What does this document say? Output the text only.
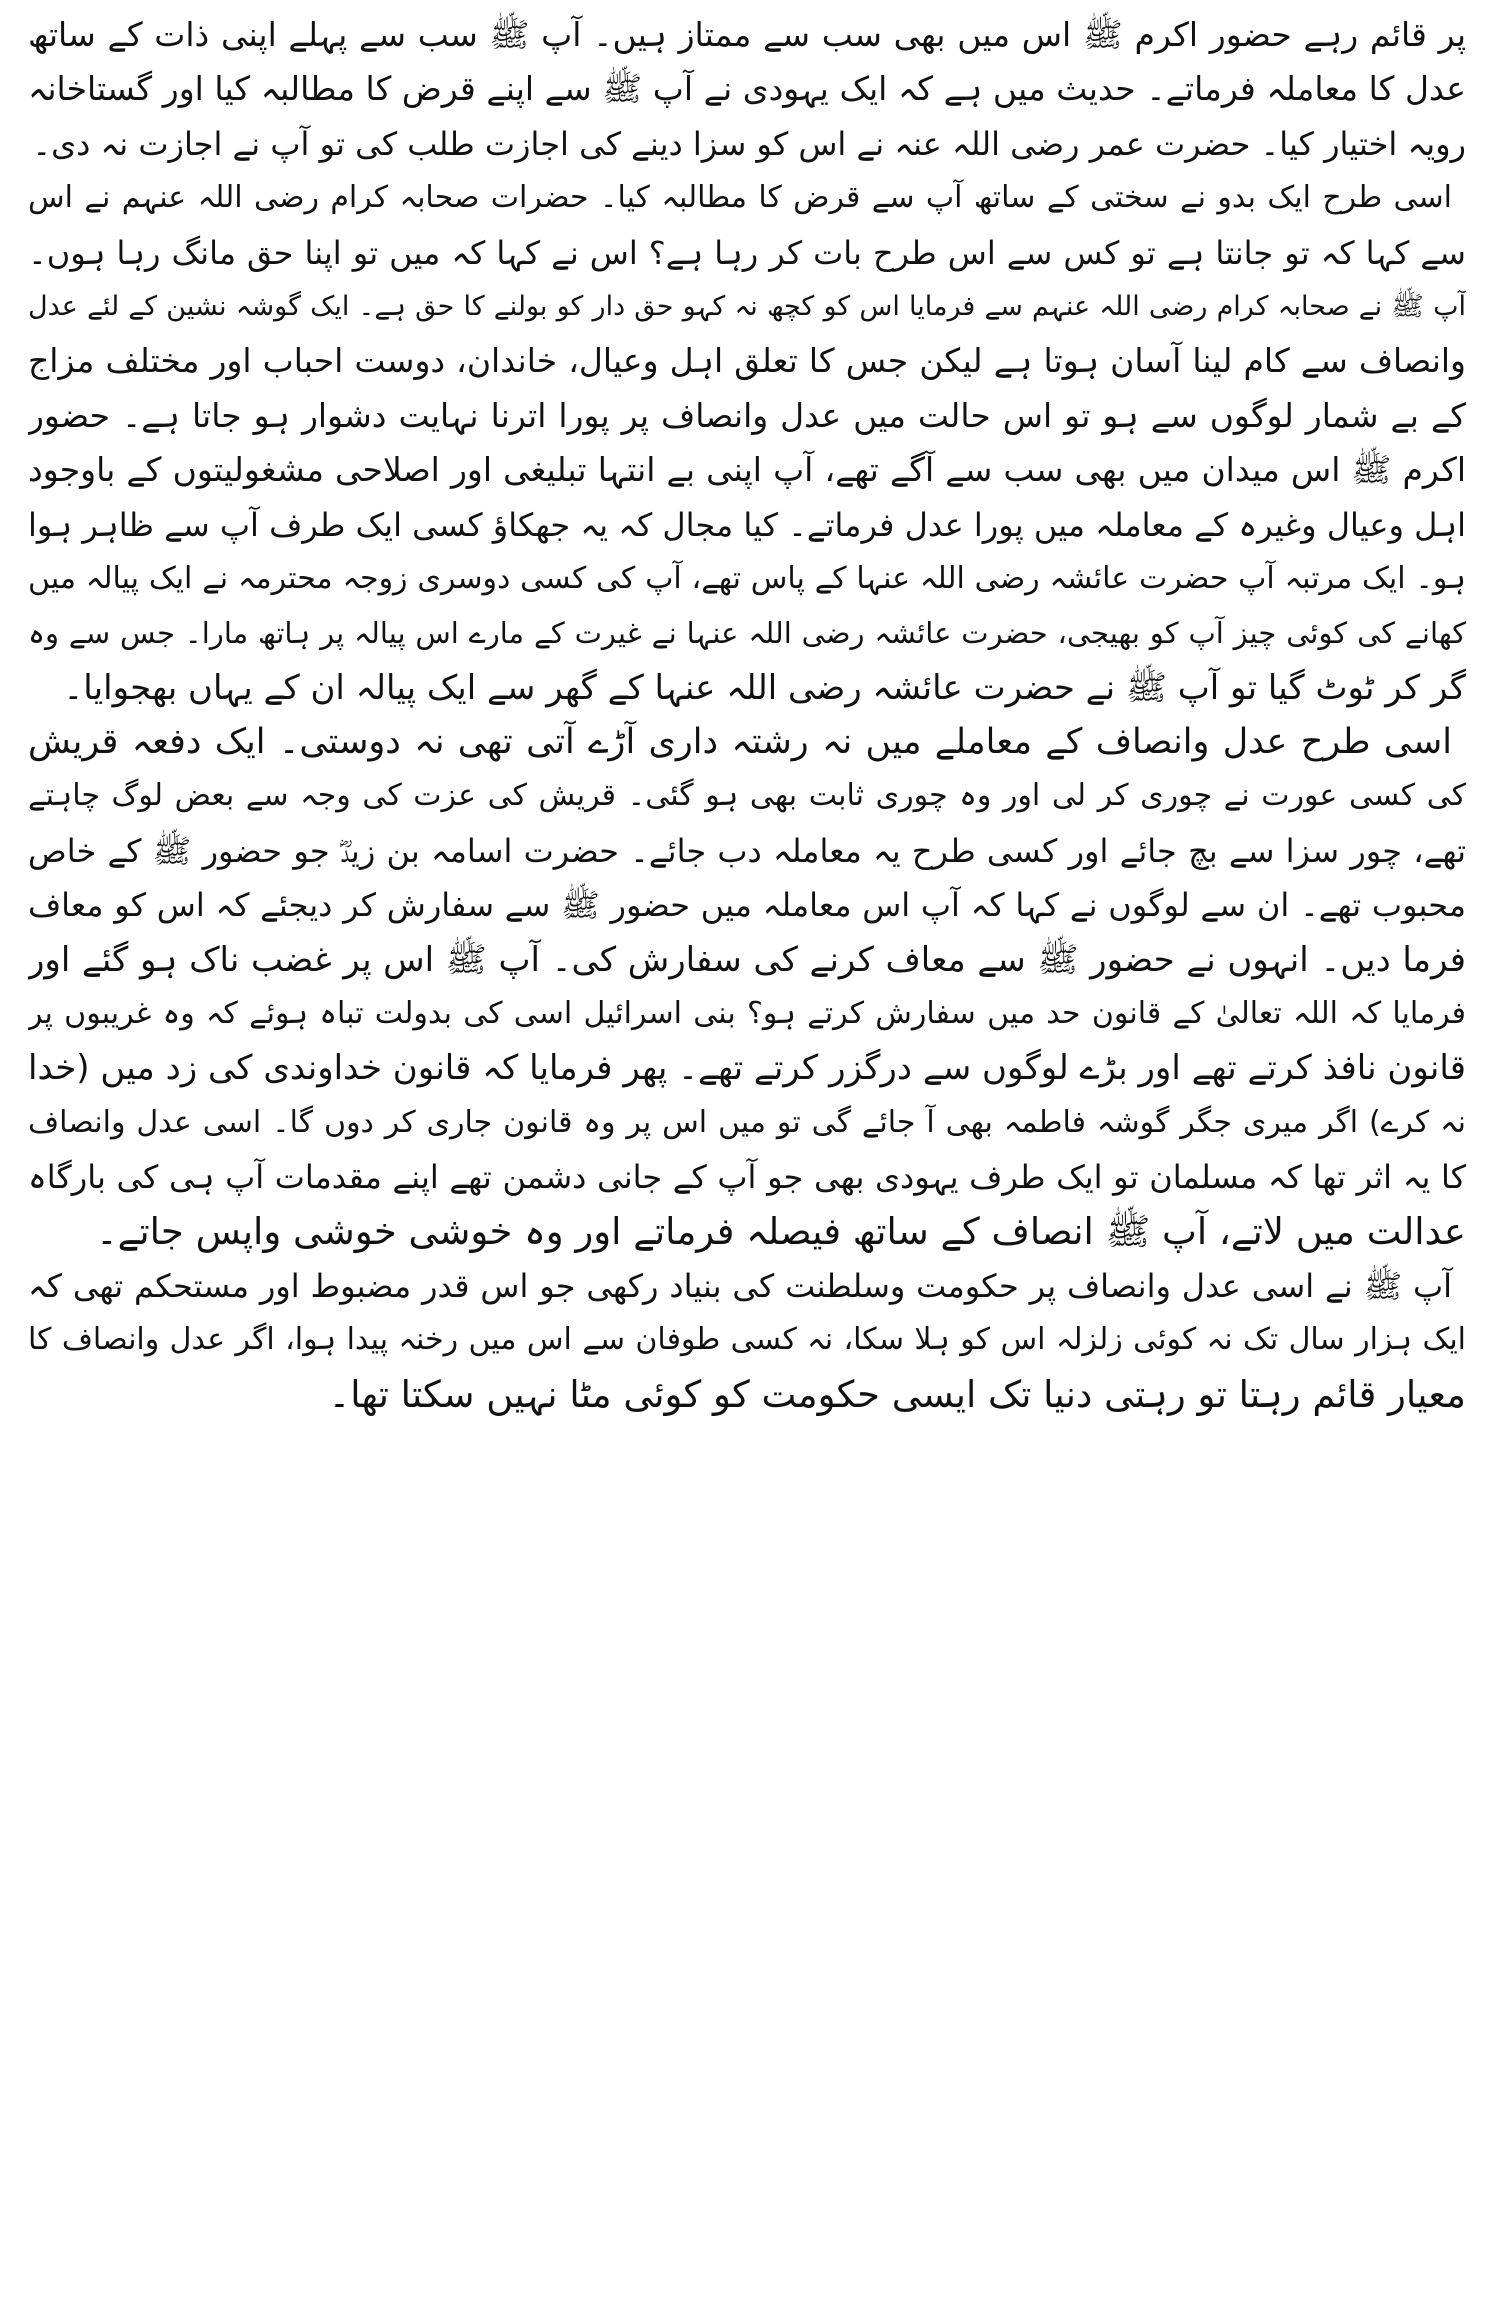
پر قائم رہے حضور اکرم ﷺ اس میں بھی سب سے ممتاز ہیں۔ آپ ﷺ سب سے پہلے اپنی ذات کے ساتھ
عدل کا معاملہ فرماتے۔ حدیث میں ہے کہ ایک یہودی نے آپ ﷺ سے اپنے قرض کا مطالبہ کیا اور گستاخانہ
رویہ اختیار کیا۔ حضرت عمر رضی اللہ عنہ نے اس کو سزا دینے کی اجازت طلب کی تو آپ نے اجازت نہ دی۔
اسی طرح ایک بدو نے سختی کے ساتھ آپ سے قرض کا مطالبہ کیا۔ حضرات صحابہ کرام رضی اللہ عنہم نے اس
سے کہا کہ تو جانتا ہے تو کس سے اس طرح بات کر رہا ہے؟ اس نے کہا کہ میں تو اپنا حق مانگ رہا ہوں۔
آپ ﷺ نے صحابہ کرام رضی اللہ عنہم سے فرمایا اس کو کچھ نہ کہو حق دار کو بولنے کا حق ہے۔ ایک گوشہ نشین کے لئے عدل
وانصاف سے کام لینا آسان ہوتا ہے لیکن جس کا تعلق اہل وعیال، خاندان، دوست احباب اور مختلف مزاج
کے بے شمار لوگوں سے ہو تو اس حالت میں عدل وانصاف پر پورا اترنا نہایت دشوار ہو جاتا ہے۔ حضور
اکرم ﷺ اس میدان میں بھی سب سے آگے تھے، آپ اپنی بے انتہا تبلیغی اور اصلاحی مشغولیتوں کے باوجود
اہل وعیال وغیرہ کے معاملہ میں پورا عدل فرماتے۔ کیا مجال کہ یہ جھکاؤ کسی ایک طرف آپ سے ظاہر ہوا
ہو۔ ایک مرتبہ آپ حضرت عائشہ رضی اللہ عنہا کے پاس تھے، آپ کی کسی دوسری زوجہ محترمہ نے ایک پیالہ میں
کھانے کی کوئی چیز آپ کو بھیجی، حضرت عائشہ رضی اللہ عنہا نے غیرت کے مارے اس پیالہ پر ہاتھ مارا۔ جس سے وہ
گر کر ٹوٹ گیا تو آپ ﷺ نے حضرت عائشہ رضی اللہ عنہا کے گھر سے ایک پیالہ ان کے یہاں بھجوایا۔
اسی طرح عدل وانصاف کے معاملے میں نہ رشتہ داری آڑے آتی تھی نہ دوستی۔ ایک دفعہ قریش
کی کسی عورت نے چوری کر لی اور وہ چوری ثابت بھی ہو گئی۔ قریش کی عزت کی وجہ سے بعض لوگ چاہتے
تھے، چور سزا سے بچ جائے اور کسی طرح یہ معاملہ دب جائے۔ حضرت اسامہ بن زیدؓ جو حضور ﷺ کے خاص
محبوب تھے۔ ان سے لوگوں نے کہا کہ آپ اس معاملہ میں حضور ﷺ سے سفارش کر دیجئے کہ اس کو معاف
فرما دیں۔ انہوں نے حضور ﷺ سے معاف کرنے کی سفارش کی۔ آپ ﷺ اس پر غضب ناک ہو گئے اور
فرمایا کہ اللہ تعالیٰ کے قانون حد میں سفارش کرتے ہو؟ بنی اسرائیل اسی کی بدولت تباہ ہوئے کہ وہ غریبوں پر
قانون نافذ کرتے تھے اور بڑے لوگوں سے درگزر کرتے تھے۔ پھر فرمایا کہ قانون خداوندی کی زد میں (خدا
نہ کرے) اگر میری جگر گوشہ فاطمہ بھی آ جائے گی تو میں اس پر وہ قانون جاری کر دوں گا۔ اسی عدل وانصاف
کا یہ اثر تھا کہ مسلمان تو ایک طرف یہودی بھی جو آپ کے جانی دشمن تھے اپنے مقدمات آپ ہی کی بارگاہ
عدالت میں لاتے، آپ ﷺ انصاف کے ساتھ فیصلہ فرماتے اور وہ خوشی خوشی واپس جاتے۔
آپ ﷺ نے اسی عدل وانصاف پر حکومت وسلطنت کی بنیاد رکھی جو اس قدر مضبوط اور مستحکم تھی کہ
ایک ہزار سال تک نہ کوئی زلزلہ اس کو ہلا سکا، نہ کسی طوفان سے اس میں رخنہ پیدا ہوا، اگر عدل وانصاف کا
معیار قائم رہتا تو رہتی دنیا تک ایسی حکومت کو کوئی مٹا نہیں سکتا تھا۔
